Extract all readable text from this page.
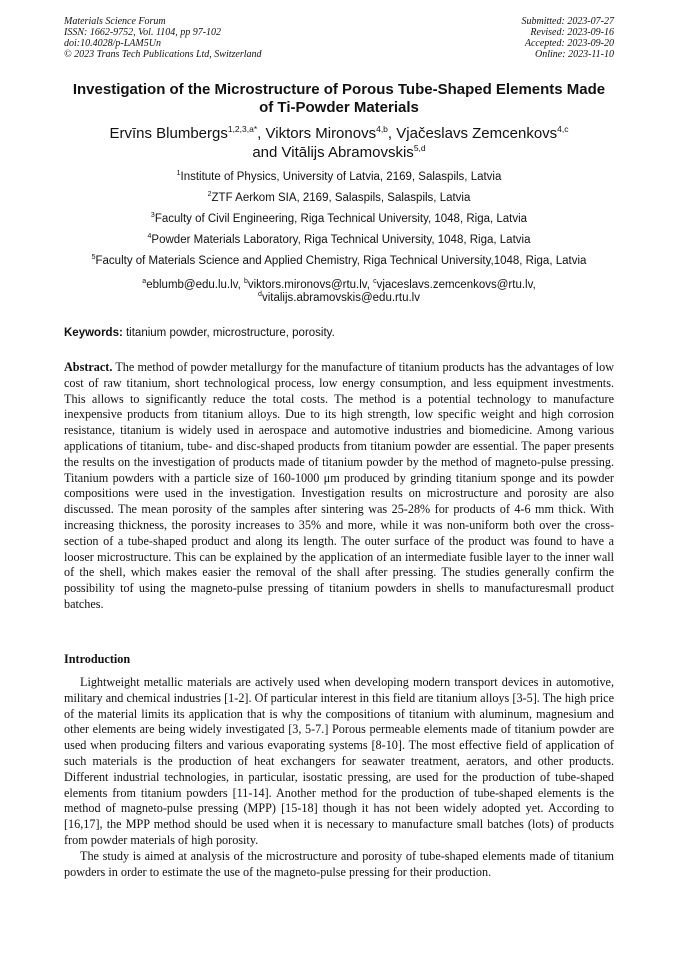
Materials Science Forum
ISSN: 1662-9752, Vol. 1104, pp 97-102
doi:10.4028/p-LAM5Un
© 2023 Trans Tech Publications Ltd, Switzerland
Submitted: 2023-07-27
Revised: 2023-09-16
Accepted: 2023-09-20
Online: 2023-11-10
Investigation of the Microstructure of Porous Tube-Shaped Elements Made of Ti-Powder Materials
Ervīns Blumbergs$^{1,2,3,a*}$, Viktors Mironovs$^{4,b}$, Vjačeslavs Zemcenkovs$^{4,c}$
and Vitālijs Abramovskis$^{5,d}$
$^1$Institute of Physics, University of Latvia, 2169, Salaspils, Latvia
$^2$ZTF Aerkom SIA, 2169, Salaspils, Salaspils, Latvia
$^3$Faculty of Civil Engineering, Riga Technical University, 1048, Riga, Latvia
$^4$Powder Materials Laboratory, Riga Technical University, 1048, Riga, Latvia
$^5$Faculty of Materials Science and Applied Chemistry, Riga Technical University,1048, Riga, Latvia
$^a$eblumb@edu.lu.lv, $^b$viktors.mironovs@rtu.lv, $^c$vjaceslavs.zemcenkovs@rtu.lv,
$^d$vitalijs.abramovskis@edu.rtu.lv
Keywords: titanium powder, microstructure, porosity.

Abstract. The method of powder metallurgy for the manufacture of titanium products has the advantages of low cost of raw titanium, short technological process, low energy consumption, and less equipment investments. This allows to significantly reduce the total costs. The method is a potential technology to manufacture inexpensive products from titanium alloys. Due to its high strength, low specific weight and high corrosion resistance, titanium is widely used in aerospace and automotive industries and biomedicine. Among various applications of titanium, tube- and disc-shaped products from titanium powder are essential. The paper presents the results on the investigation of products made of titanium powder by the method of magneto-pulse pressing. Titanium powders with a particle size of 160-1000 μm produced by grinding titanium sponge and its powder compositions were used in the investigation. Investigation results on microstructure and porosity are also discussed. The mean porosity of the samples after sintering was 25-28% for products of 4-6 mm thick. With increasing thickness, the porosity increases to 35% and more, while it was non-uniform both over the cross-section of a tube-shaped product and along its length. The outer surface of the product was found to have a looser microstructure. This can be explained by the application of an intermediate fusible layer to the inner wall of the shell, which makes easier the removal of the shall after pressing. The studies generally confirm the possibility tof using the magneto-pulse pressing of titanium powders in shells to manufacturesmall product batches.

Introduction

Lightweight metallic materials are actively used when developing modern transport devices in automotive, military and chemical industries [1-2]. Of particular interest in this field are titanium alloys [3-5]. The high price of the material limits its application that is why the compositions of titanium with aluminum, magnesium and other elements are being widely investigated [3, 5-7.] Porous permeable elements made of titanium powder are used when producing filters and various evaporating systems [8-10]. The most effective field of application of such materials is the production of heat exchangers for seawater treatment, aerators, and other products. Different industrial technologies, in particular, isostatic pressing, are used for the production of tube-shaped elements from titanium powders [11-14]. Another method for the production of tube-shaped elements is the method of magneto-pulse pressing (MPP) [15-18] though it has not been widely adopted yet. According to [16,17], the MPP method should be used when it is necessary to manufacture small batches (lots) of products from powder materials of high porosity.

The study is aimed at analysis of the microstructure and porosity of tube-shaped elements made of titanium powders in order to estimate the use of the magneto-pulse pressing for their production.
